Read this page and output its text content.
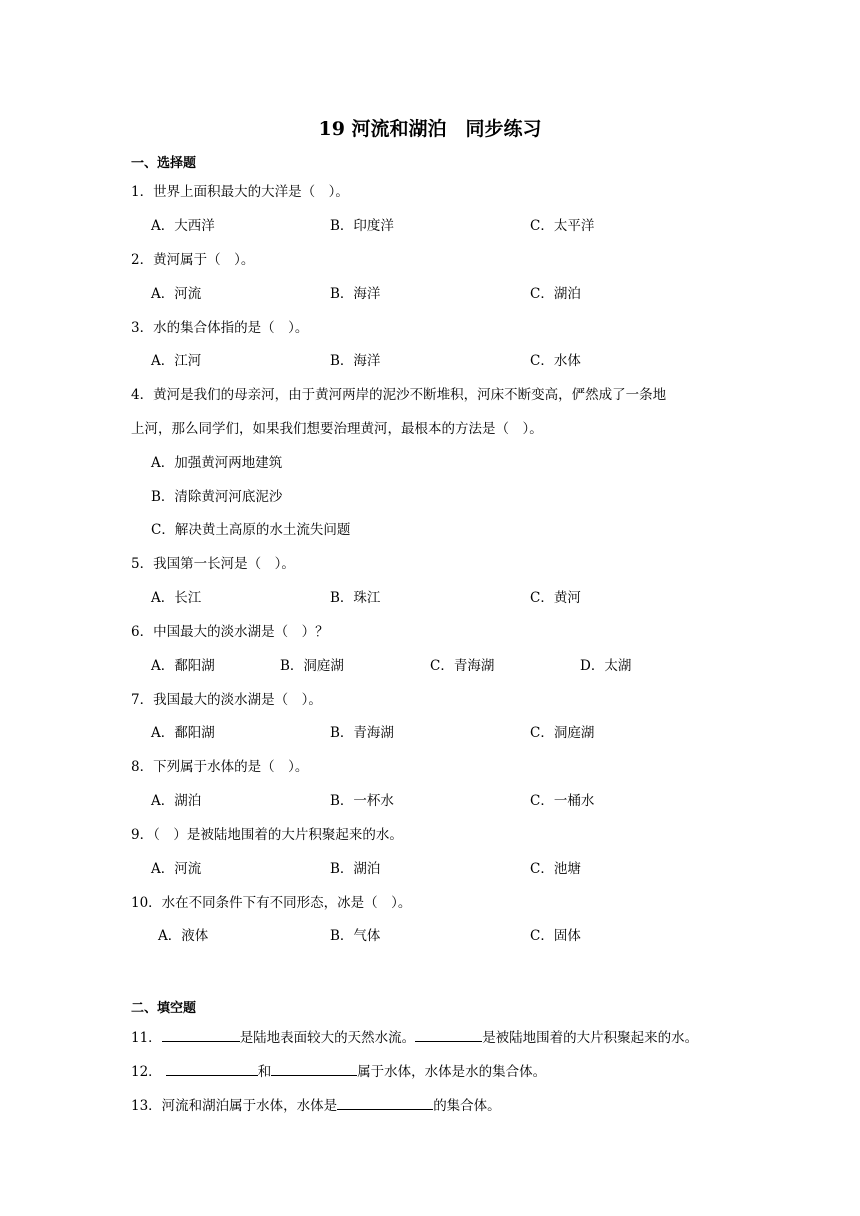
19 河流和湖泊　同步练习
一、选择题
1．世界上面积最大的大洋是（　）。
A．大西洋	B．印度洋	C．太平洋
2．黄河属于（　）。
A．河流	B．海洋	C．湖泊
3．水的集合体指的是（　）。
A．江河	B．海洋	C．水体
4．黄河是我们的母亲河，由于黄河两岸的泥沙不断堆积，河床不断变高，俨然成了一条地
上河，那么同学们，如果我们想要治理黄河，最根本的方法是（　）。
A．加强黄河两地建筑
B．清除黄河河底泥沙
C．解决黄土高原的水土流失问题
5．我国第一长河是（　）。
A．长江	B．珠江	C．黄河
6．中国最大的淡水湖是（　）？
A．鄱阳湖	B．洞庭湖	C．青海湖	D．太湖
7．我国最大的淡水湖是（　）。
A．鄱阳湖	B．青海湖	C．洞庭湖
8．下列属于水体的是（　）。
A．湖泊	B．一杯水	C．一桶水
9．（　）是被陆地围着的大片积聚起来的水。
A．河流	B．湖泊	C．池塘
10．水在不同条件下有不同形态，冰是（　）。
A．液体	B．气体	C．固体
二、填空题
11．	是陆地表面较大的天然水流。	是被陆地围着的大片积聚起来的水。
12．	和	属于水体，水体是水的集合体。
13．河流和湖泊属于水体，水体是	的集合体。
